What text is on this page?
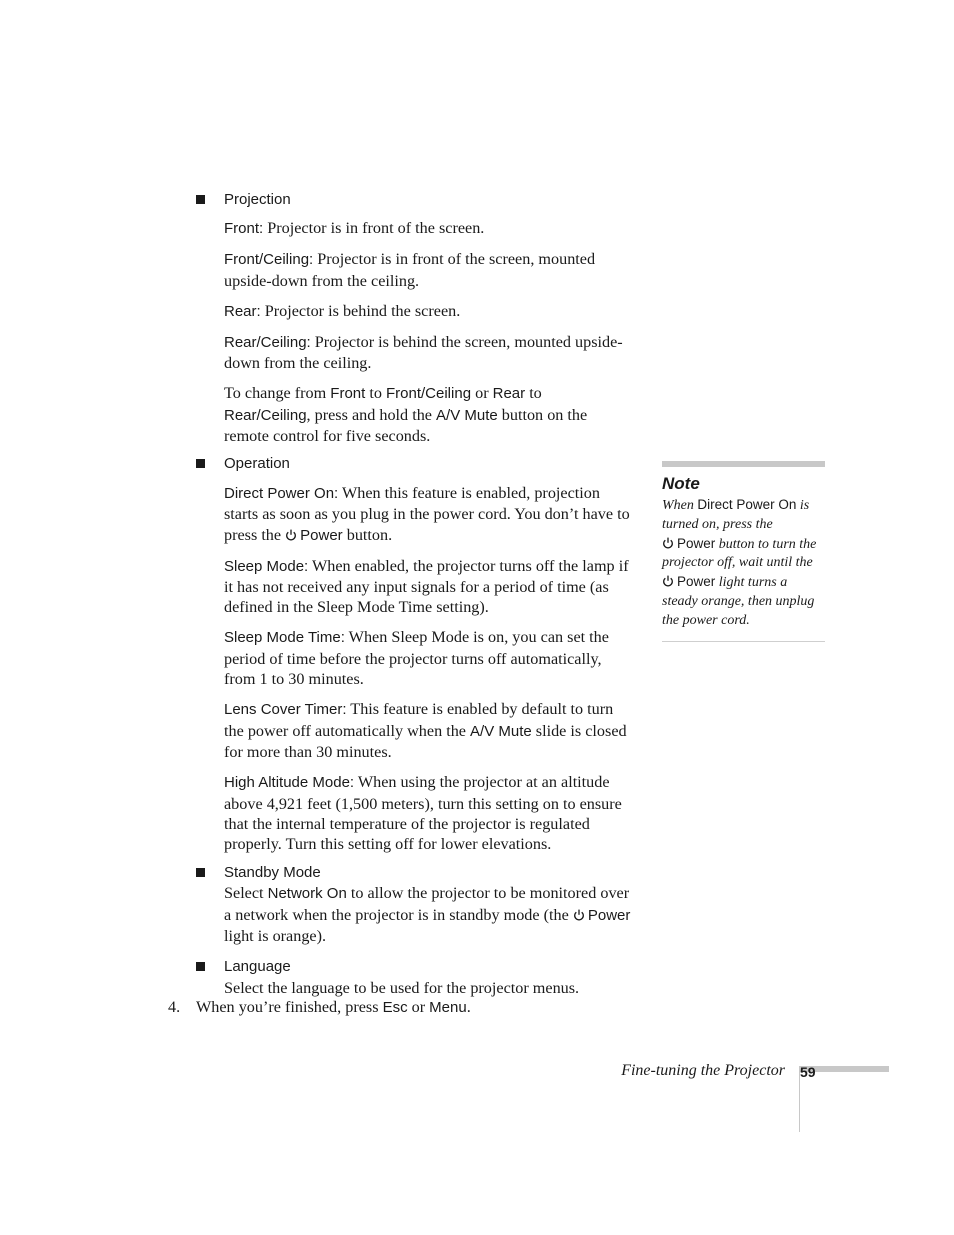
Projection

Front: Projector is in front of the screen.

Front/Ceiling: Projector is in front of the screen, mounted upside-down from the ceiling.

Rear: Projector is behind the screen.

Rear/Ceiling: Projector is behind the screen, mounted upside-down from the ceiling.

To change from Front to Front/Ceiling or Rear to
Rear/Ceiling, press and hold the A/V Mute button on the remote control for five seconds.

Operation

Direct Power On: When this feature is enabled, projection starts as soon as you plug in the power cord. You don’t have to press the Power button.

Sleep Mode: When enabled, the projector turns off the lamp if it has not received any input signals for a period of time (as defined in the Sleep Mode Time setting).

Sleep Mode Time: When Sleep Mode is on, you can set the period of time before the projector turns off automatically, from 1 to 30 minutes.

Lens Cover Timer: This feature is enabled by default to turn the power off automatically when the A/V Mute slide is closed for more than 30 minutes.

High Altitude Mode: When using the projector at an altitude above 4,921 feet (1,500 meters), turn this setting on to ensure that the internal temperature of the projector is regulated properly. Turn this setting off for lower elevations.

Standby Mode

Select Network On to allow the projector to be monitored over a network when the projector is in standby mode (the Power light is orange).

Language

Select the language to be used for the projector menus.

4. When you’re finished, press Esc or Menu.
Note
When Direct Power On is turned on, press the
Power button to turn the projector off, wait until the Power light turns a steady orange, then unplug the power cord.
Fine-tuning the Projector 59
